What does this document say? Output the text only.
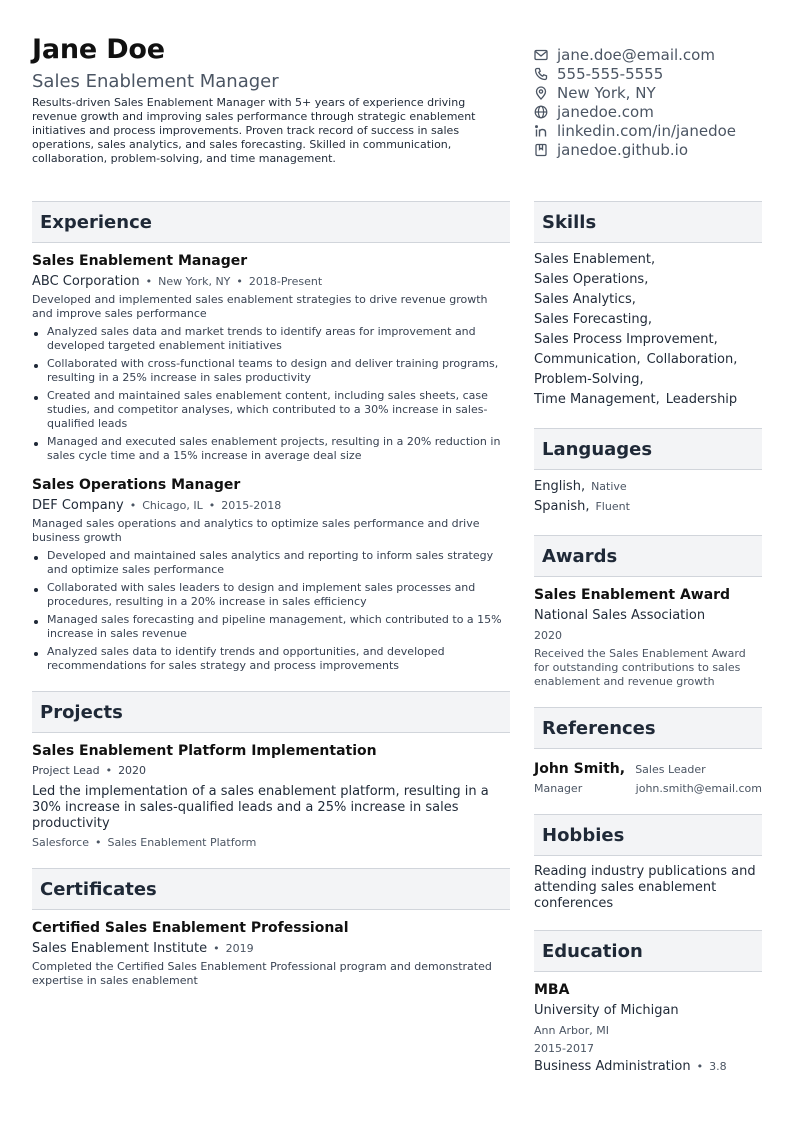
Jane Doe
Sales Enablement Manager
Results-driven Sales Enablement Manager with 5+ years of experience driving revenue growth and improving sales performance through strategic enablement initiatives and process improvements. Proven track record of success in sales operations, sales analytics, and sales forecasting. Skilled in communication, collaboration, problem-solving, and time management.
jane.doe@email.com
555-555-5555
New York, NY
janedoe.com
linkedin.com/in/janedoe
janedoe.github.io
Experience
Sales Enablement Manager
ABC Corporation • New York, NY • 2018-Present
Developed and implemented sales enablement strategies to drive revenue growth and improve sales performance
Analyzed sales data and market trends to identify areas for improvement and developed targeted enablement initiatives
Collaborated with cross-functional teams to design and deliver training programs, resulting in a 25% increase in sales productivity
Created and maintained sales enablement content, including sales sheets, case studies, and competitor analyses, which contributed to a 30% increase in sales-qualified leads
Managed and executed sales enablement projects, resulting in a 20% reduction in sales cycle time and a 15% increase in average deal size
Sales Operations Manager
DEF Company • Chicago, IL • 2015-2018
Managed sales operations and analytics to optimize sales performance and drive business growth
Developed and maintained sales analytics and reporting to inform sales strategy and optimize sales performance
Collaborated with sales leaders to design and implement sales processes and procedures, resulting in a 20% increase in sales efficiency
Managed sales forecasting and pipeline management, which contributed to a 15% increase in sales revenue
Analyzed sales data to identify trends and opportunities, and developed recommendations for sales strategy and process improvements
Projects
Sales Enablement Platform Implementation
Project Lead • 2020
Led the implementation of a sales enablement platform, resulting in a 30% increase in sales-qualified leads and a 25% increase in sales productivity
Salesforce • Sales Enablement Platform
Certificates
Certified Sales Enablement Professional
Sales Enablement Institute • 2019
Completed the Certified Sales Enablement Professional program and demonstrated expertise in sales enablement
Skills
Sales Enablement,
Sales Operations,
Sales Analytics,
Sales Forecasting,
Sales Process Improvement,
Communication, Collaboration,
Problem-Solving,
Time Management, Leadership
Languages
English, Native
Spanish, Fluent
Awards
Sales Enablement Award
National Sales Association
2020
Received the Sales Enablement Award for outstanding contributions to sales enablement and revenue growth
References
John Smith, Sales Leader
Manager	john.smith@email.com
Hobbies
Reading industry publications and attending sales enablement conferences
Education
MBA
University of Michigan
Ann Arbor, MI
2015-2017
Business Administration • 3.8
